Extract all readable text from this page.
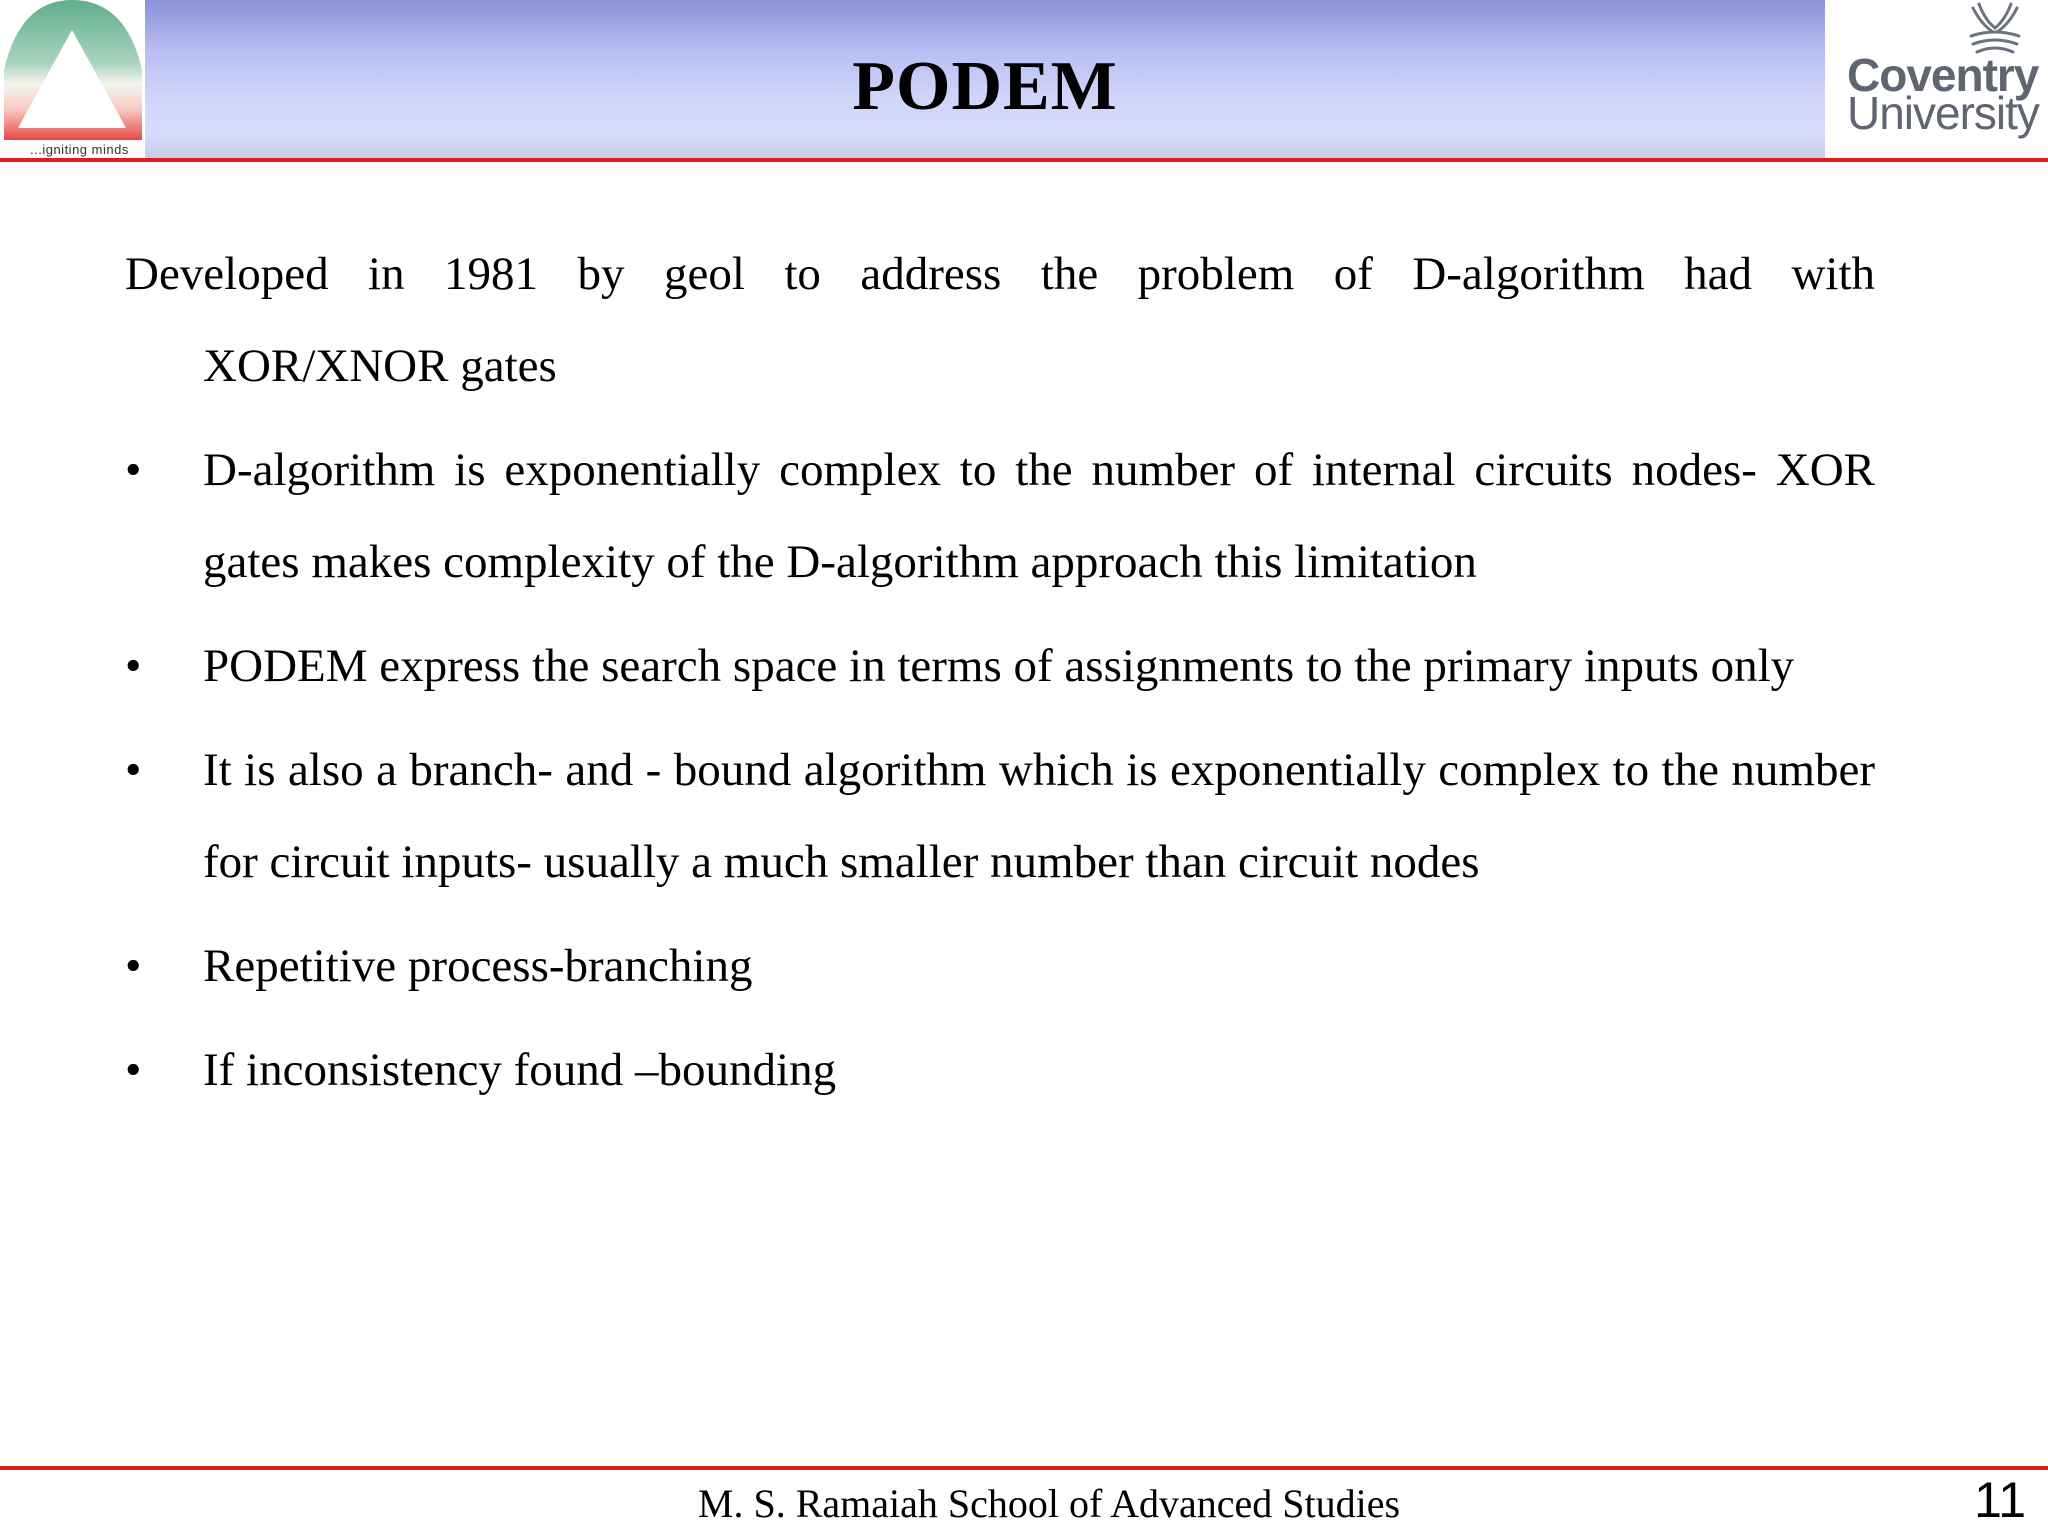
PODEM
...igniting minds
Coventry
University

Developed in 1981 by geol to address the problem of D-algorithm had with
XOR/XNOR gates

• D-algorithm is exponentially complex to the number of internal circuits nodes- XOR gates makes complexity of the D-algorithm approach this limitation
• PODEM express the search space in terms of assignments to the primary inputs only
• It is also a branch- and - bound algorithm which is exponentially complex to the number for circuit inputs- usually a much smaller number than circuit nodes
• Repetitive process-branching
• If inconsistency found –bounding
M. S. Ramaiah School of Advanced Studies	11
